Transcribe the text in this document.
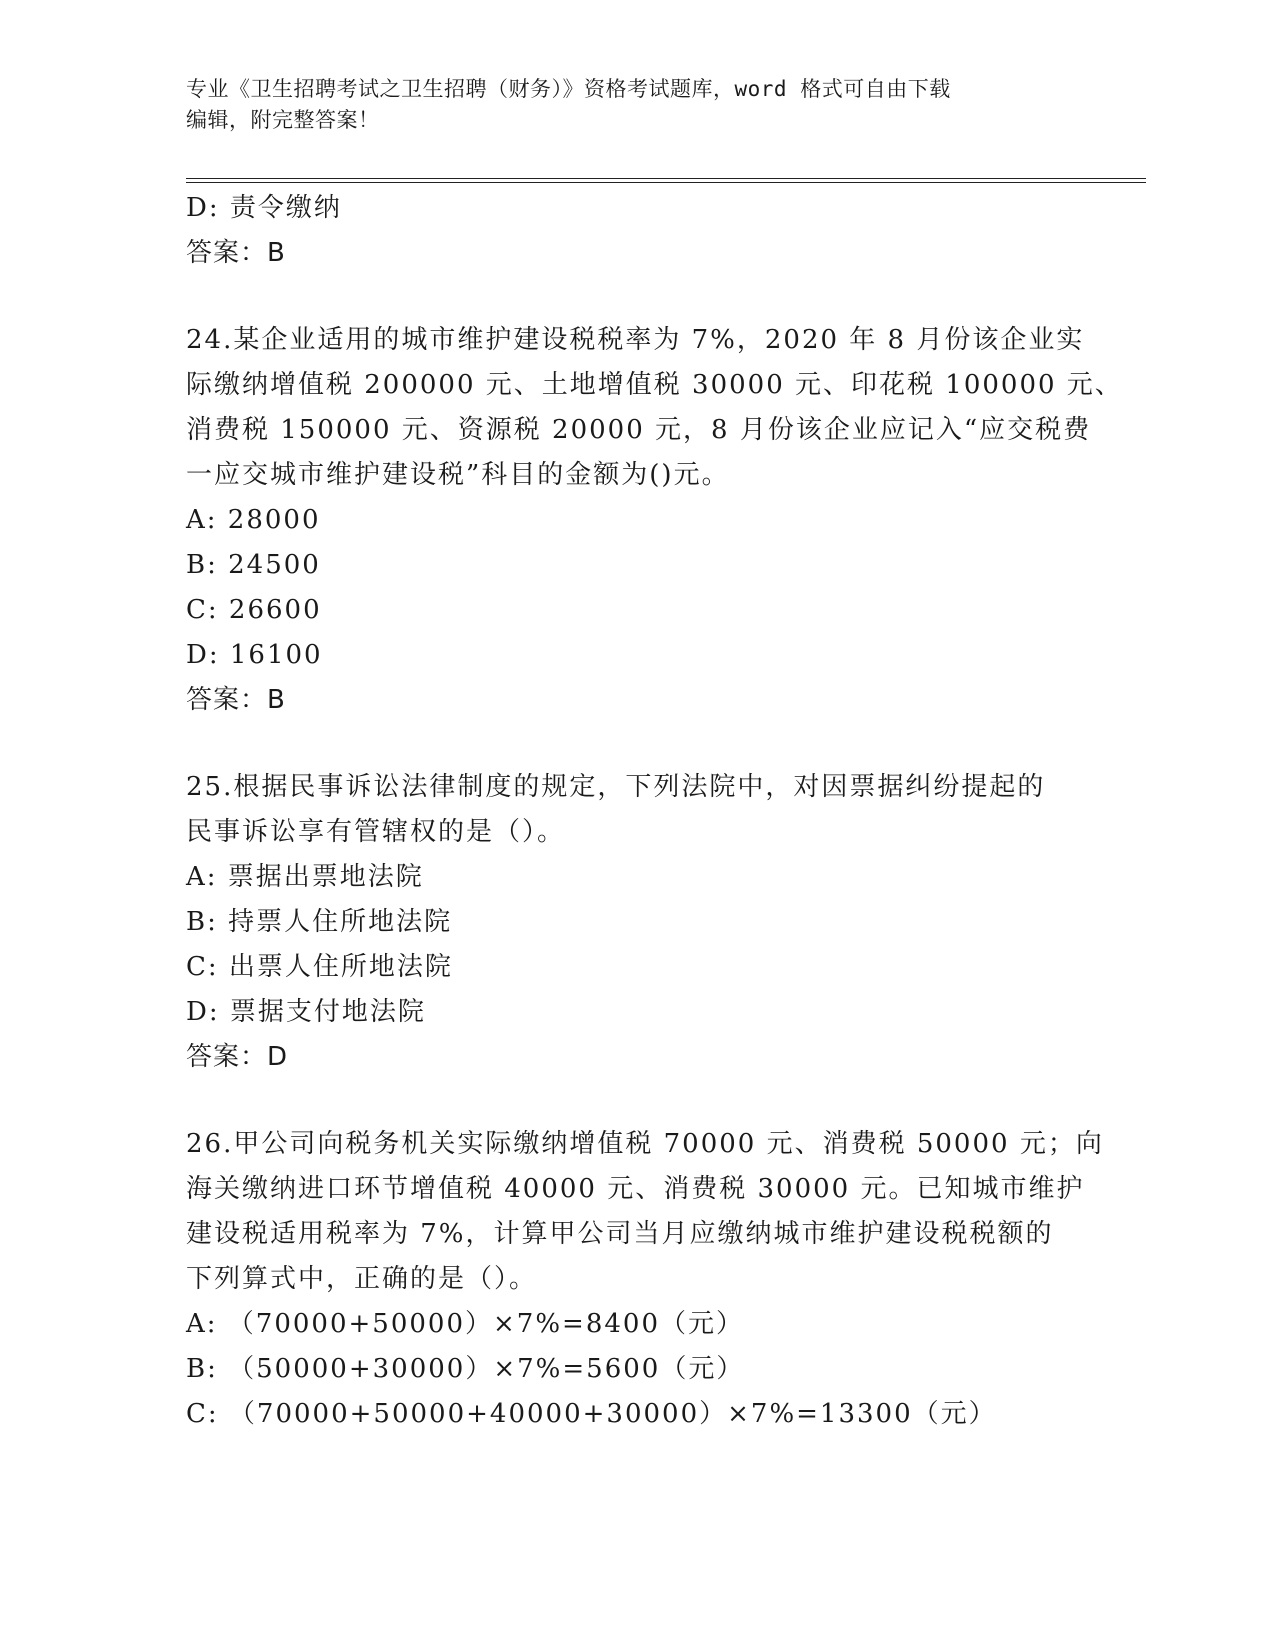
专业《卫生招聘考试之卫生招聘（财务）》资格考试题库，word 格式可自由下载
编辑，附完整答案！
D: 责令缴纳
答案：B
24.某企业适用的城市维护建设税税率为 7%，2020 年 8 月份该企业实
际缴纳增值税 200000 元、土地增值税 30000 元、印花税 100000 元、
消费税 150000 元、资源税 20000 元，8 月份该企业应记入“应交税费
一应交城市维护建设税”科目的金额为()元。
A: 28000
B: 24500
C: 26600
D: 16100
答案：B
25.根据民事诉讼法律制度的规定，下列法院中，对因票据纠纷提起的
民事诉讼享有管辖权的是（）。
A: 票据出票地法院
B: 持票人住所地法院
C: 出票人住所地法院
D: 票据支付地法院
答案：D
26.甲公司向税务机关实际缴纳增值税 70000 元、消费税 50000 元；向
海关缴纳进口环节增值税 40000 元、消费税 30000 元。已知城市维护
建设税适用税率为 7%，计算甲公司当月应缴纳城市维护建设税税额的
下列算式中，正确的是（）。
A: （70000+50000）×7%=8400（元）
B: （50000+30000）×7%=5600（元）
C: （70000+50000+40000+30000）×7%=13300（元）
